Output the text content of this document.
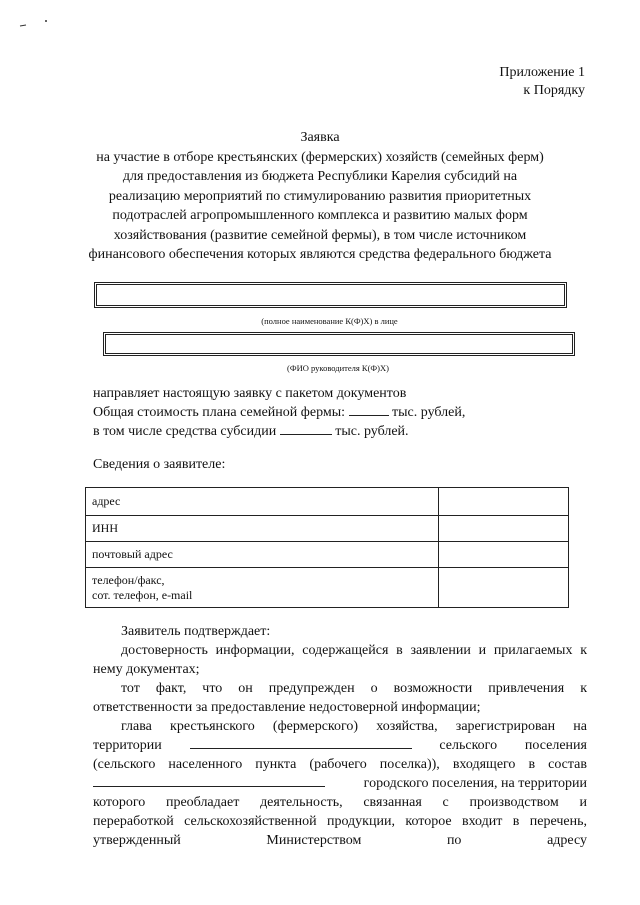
Приложение 1
к Порядку
Заявка
на участие в отборе крестьянских (фермерских) хозяйств (семейных ферм)
для предоставления из бюджета Республики Карелия субсидий на
реализацию мероприятий по стимулированию развития приоритетных
подотраслей агропромышленного комплекса и развитию малых форм
хозяйствования (развитие семейной фермы), в том числе источником
финансового обеспечения которых являются средства федерального бюджета
(полное наименование К(Ф)Х) в лице
(ФИО руководителя К(Ф)Х)
направляет настоящую заявку с пакетом документов
Общая стоимость плана семейной фермы:	тыс. рублей,
в том числе средства субсидии	тыс. рублей.
Сведения о заявителе:
адрес	
ИНН	
почтовый адрес	

телефон/факс,
сот. телефон, e-mail	

Заявитель подтверждает:
достоверность информации, содержащейся в заявлении и прилагаемых к
нему документах;
тот  факт,  что  он  предупрежден  о  возможности  привлечения  к
ответственности за предоставление недостоверной информации;
глава крестьянского (фермерского) хозяйства, зарегистрирован на
территории	сельского поселения
(сельского населенного пункта (рабочего поселка)), входящего в состав
городского поселения, на территории
которого преобладает деятельность, связанная с производством и
переработкой сельскохозяйственной продукции, которое входит в перечень,
утвержденный	Министерством	по	адресу
